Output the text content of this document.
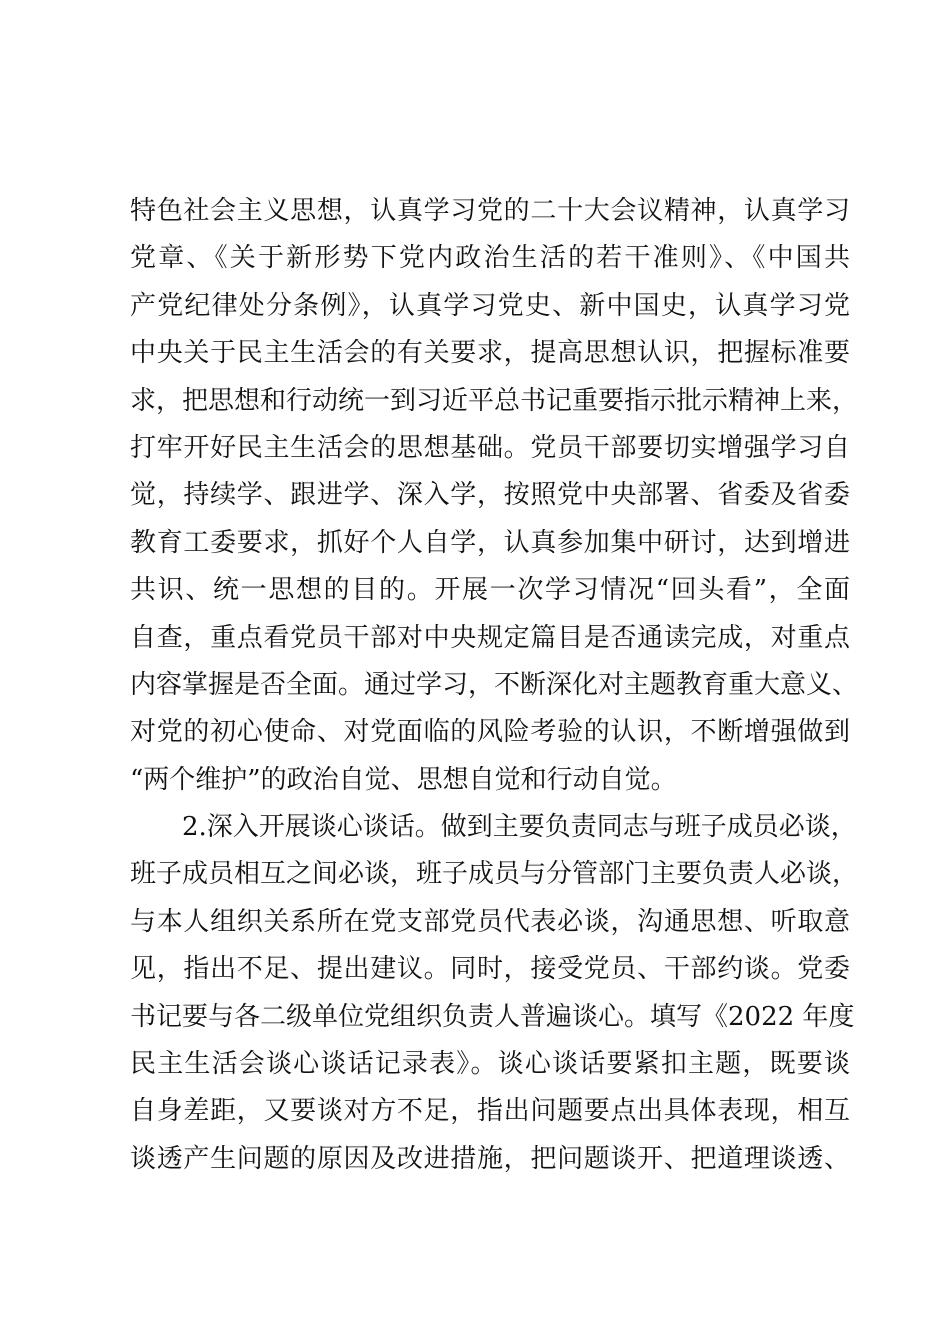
特色社会主义思想，认真学习党的二十大会议精神，认真学习
党章、《关于新形势下党内政治生活的若干准则》、《中国共
产党纪律处分条例》，认真学习党史、新中国史，认真学习党
中央关于民主生活会的有关要求，提高思想认识，把握标准要
求，把思想和行动统一到习近平总书记重要指示批示精神上来，
打牢开好民主生活会的思想基础。党员干部要切实增强学习自
觉，持续学、跟进学、深入学，按照党中央部署、省委及省委
教育工委要求，抓好个人自学，认真参加集中研讨，达到增进
共识、统一思想的目的。开展一次学习情况“回头看”，全面
自查，重点看党员干部对中央规定篇目是否通读完成，对重点
内容掌握是否全面。通过学习，不断深化对主题教育重大意义、
对党的初心使命、对党面临的风险考验的认识，不断增强做到
“两个维护”的政治自觉、思想自觉和行动自觉。
2.深入开展谈心谈话。做到主要负责同志与班子成员必谈，
班子成员相互之间必谈，班子成员与分管部门主要负责人必谈，
与本人组织关系所在党支部党员代表必谈，沟通思想、听取意
见，指出不足、提出建议。同时，接受党员、干部约谈。党委
书记要与各二级单位党组织负责人普遍谈心。填写《2022 年度
民主生活会谈心谈话记录表》。谈心谈话要紧扣主题，既要谈
自身差距，又要谈对方不足，指出问题要点出具体表现，相互
谈透产生问题的原因及改进措施，把问题谈开、把道理谈透、
